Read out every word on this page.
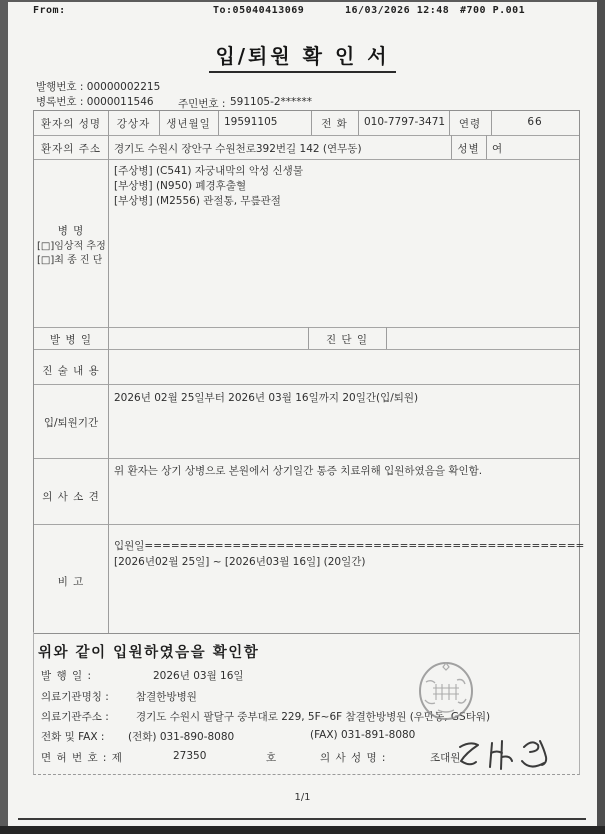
From:	To:05040413069	16/03/2026 12:48 #700 P.001
입/퇴원 확 인 서
발행번호 : 00000002215
병록번호 : 0000011546 주민번호 : 591105-2******
환자의 성명	강상자	생년월일	19591105	전 화	010-7797-3471	연령	66
환자의 주소	경기도 수원시 장안구 수원천로392번길 142 (연무동)	성별	여
병 명
[□]임상적 추정
[□]최 종 진 단
[주상병] (C541) 자궁내막의 악성 신생물
[부상병] (N950) 폐경후출혈
[부상병] (M2556) 관절통, 무릎관절
발 병 일	진 단 일
진 술 내 용
입/퇴원기간
2026년 02월 25일부터 2026년 03월 16일까지 20일간(입/퇴원)
의 사 소 견
위 환자는 상기 상병으로 본원에서 상기일간 통증 치료위해 입원하였음을 확인함.
비 고
입원일==================================================
[2026년02월 25일] ~ [2026년03월 16일] (20일간)
위와 같이 입원하였음을 확인함
발 행 일 :	2026년 03월 16일
의료기관명칭 :	참결한방병원
의료기관주소 :	경기도 수원시 팔달구 중부대로 229, 5F~6F 참결한방병원 (우만동, GS타워)
전화 및 FAX : (전화) 031-890-8080	(FAX) 031-891-8080
면 허 번 호 : 제	27350	호	의 사 성 명 :	조대원
1/1
